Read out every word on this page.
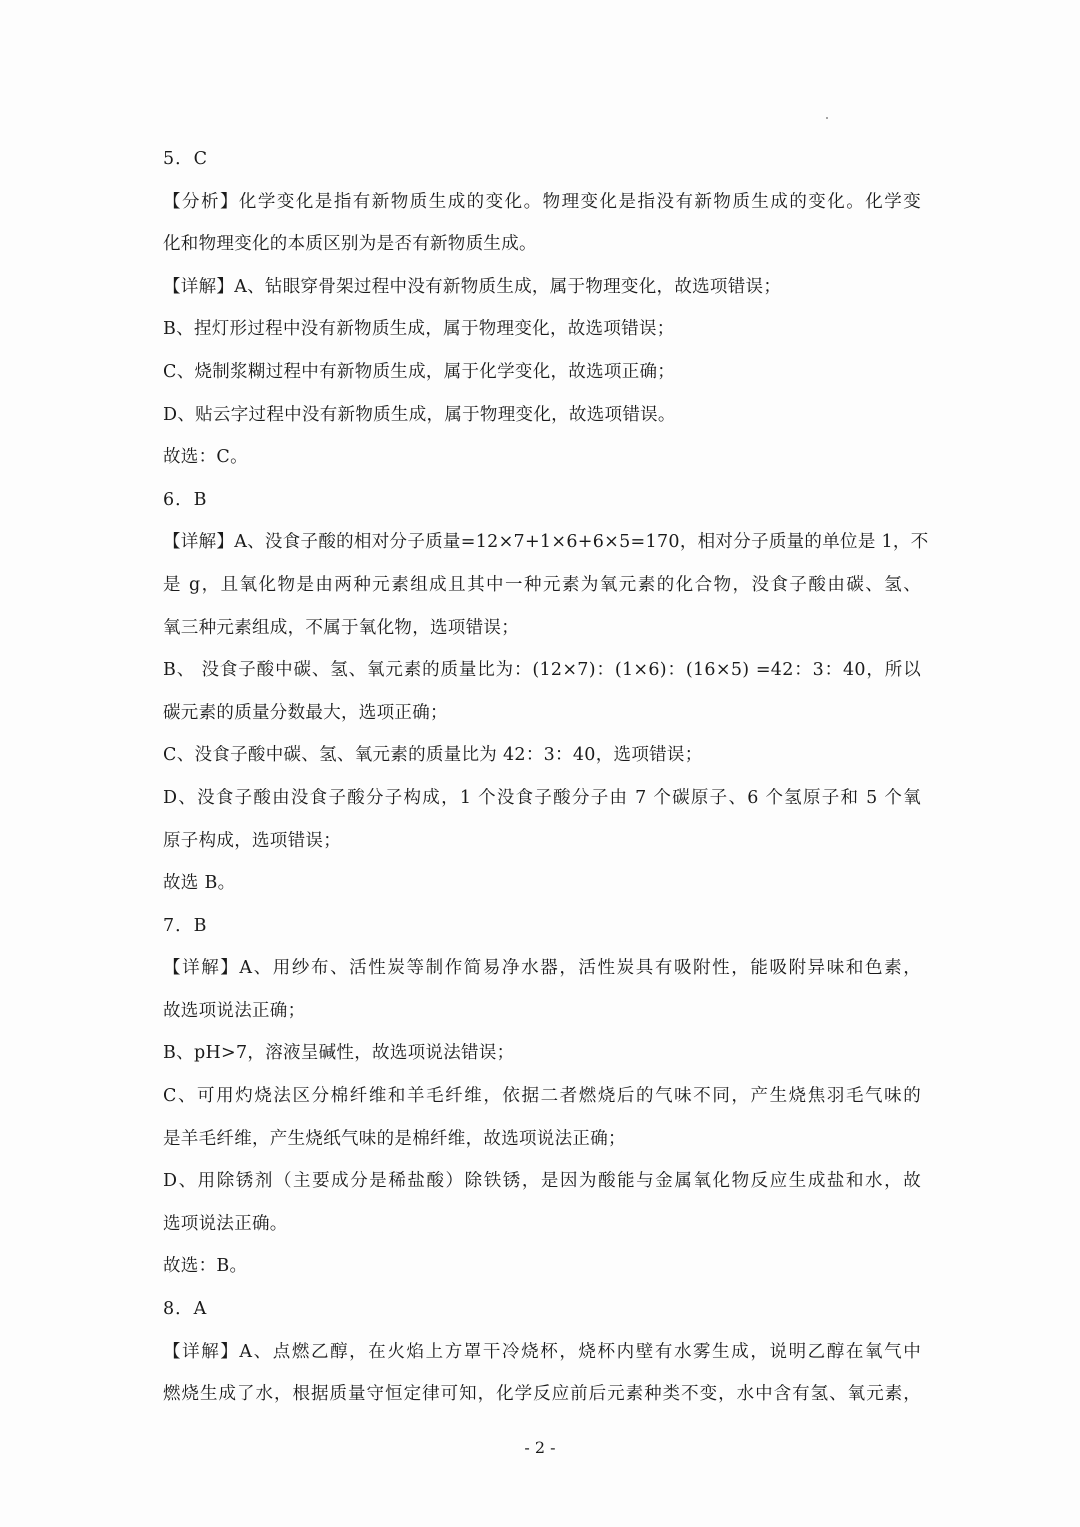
5．C
【分析】化学变化是指有新物质生成的变化。物理变化是指没有新物质生成的变化。化学变
化和物理变化的本质区别为是否有新物质生成。
【详解】A、钻眼穿骨架过程中没有新物质生成，属于物理变化，故选项错误；
B、捏灯形过程中没有新物质生成，属于物理变化，故选项错误；
C、烧制浆糊过程中有新物质生成，属于化学变化，故选项正确；
D、贴云字过程中没有新物质生成，属于物理变化，故选项错误。
故选：C。
6．B
【详解】A、没食子酸的相对分子质量=12×7+1×6+6×5=170，相对分子质量的单位是 1，不
是 g，且氧化物是由两种元素组成且其中一种元素为氧元素的化合物，没食子酸由碳、氢、
氧三种元素组成，不属于氧化物，选项错误；
B、 没食子酸中碳、氢、氧元素的质量比为：(12×7)：(1×6)：(16×5) =42：3：40，所以
碳元素的质量分数最大，选项正确；
C、没食子酸中碳、氢、氧元素的质量比为 42：3：40，选项错误；
D、没食子酸由没食子酸分子构成，1 个没食子酸分子由 7 个碳原子、6 个氢原子和 5 个氧
原子构成，选项错误；
故选 B。
7．B
【详解】A、用纱布、活性炭等制作简易净水器，活性炭具有吸附性，能吸附异味和色素，
故选项说法正确；
B、pH>7，溶液呈碱性，故选项说法错误；
C、可用灼烧法区分棉纤维和羊毛纤维，依据二者燃烧后的气味不同，产生烧焦羽毛气味的
是羊毛纤维，产生烧纸气味的是棉纤维，故选项说法正确；
D、用除锈剂（主要成分是稀盐酸）除铁锈，是因为酸能与金属氧化物反应生成盐和水，故
选项说法正确。
故选：B。
8．A
【详解】A、点燃乙醇，在火焰上方罩干冷烧杯，烧杯内壁有水雾生成，说明乙醇在氧气中
燃烧生成了水，根据质量守恒定律可知，化学反应前后元素种类不变，水中含有氢、氧元素，
- 2 -
